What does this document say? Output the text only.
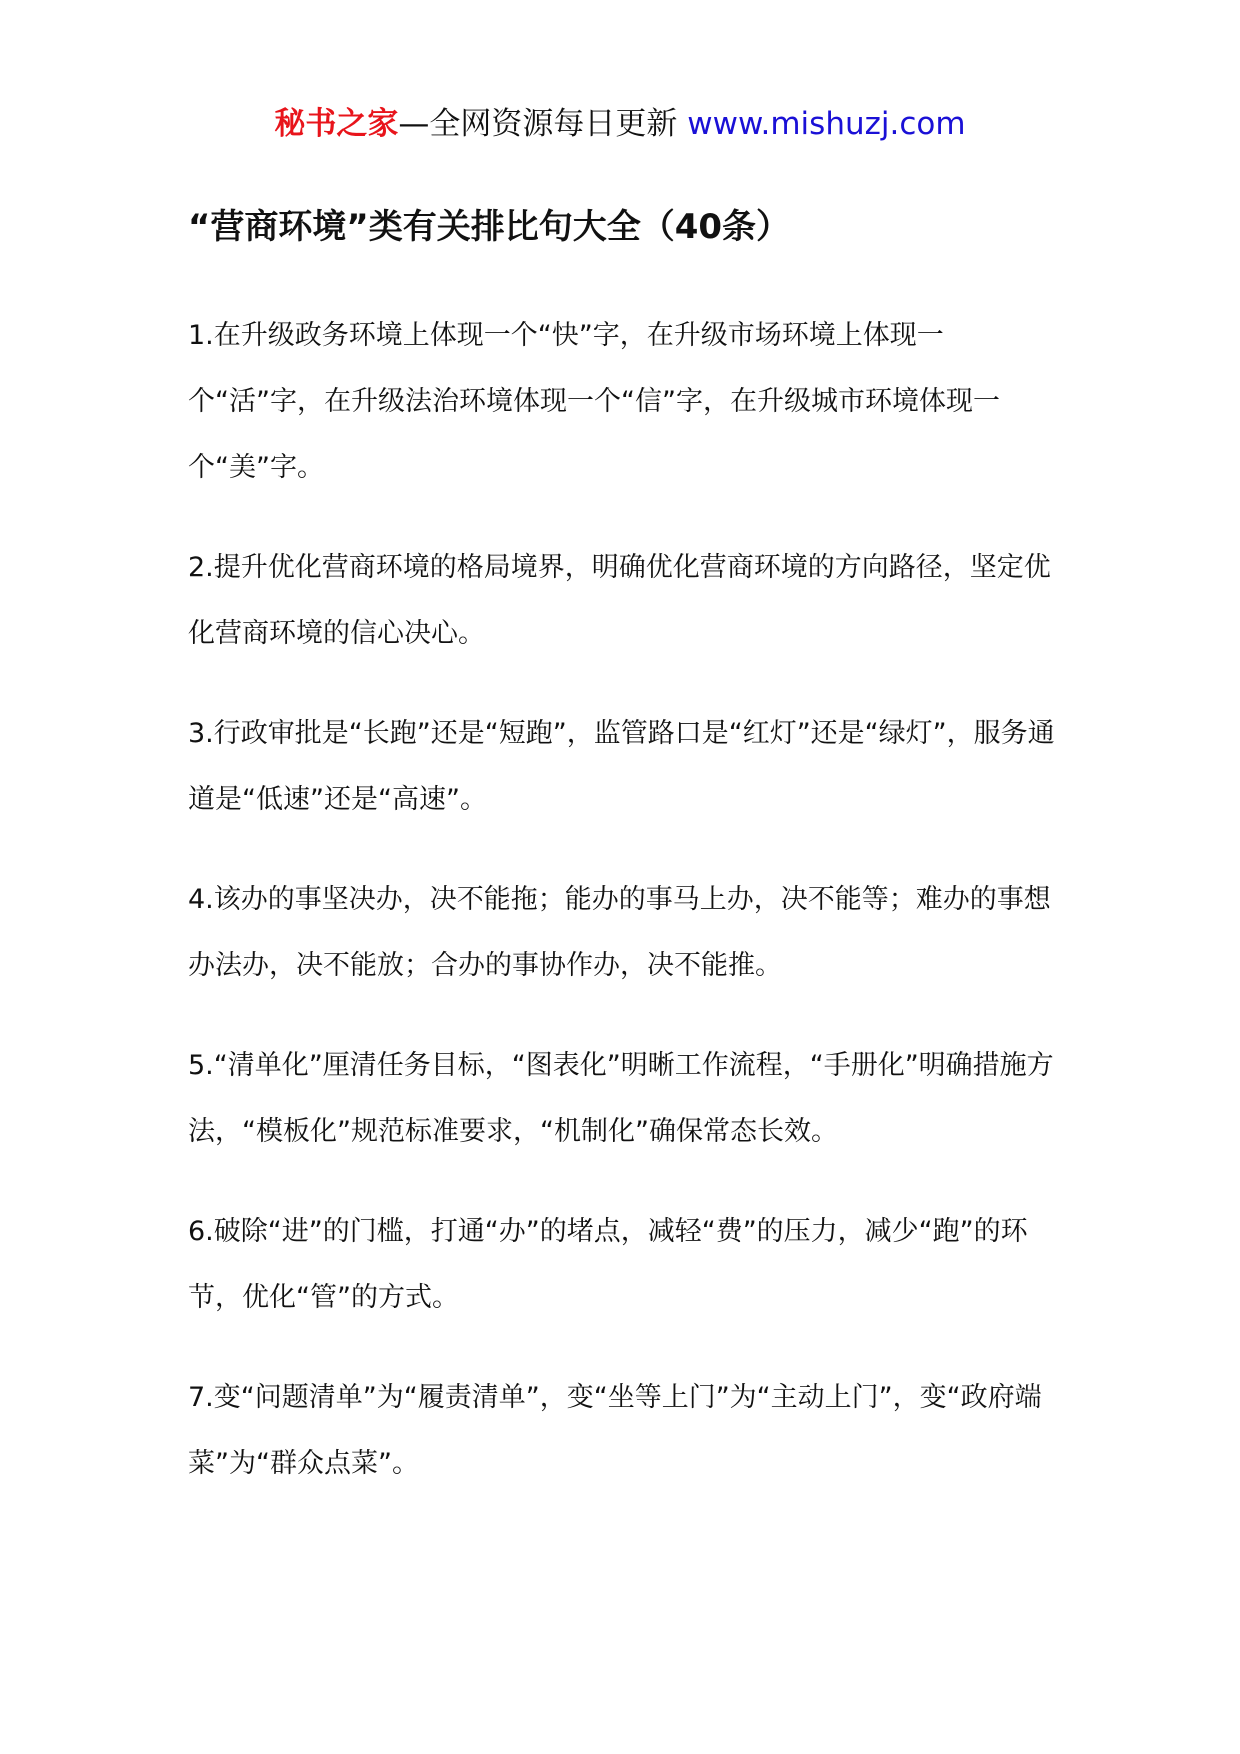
秘书之家—全网资源每日更新 www.mishuzj.com
“营商环境”类有关排比句大全（40条）

1.在升级政务环境上体现一个“快”字，在升级市场环境上体现一个“活”字，在升级法治环境体现一个“信”字，在升级城市环境体现一个“美”字。

2.提升优化营商环境的格局境界，明确优化营商环境的方向路径，坚定优化营商环境的信心决心。

3.行政审批是“长跑”还是“短跑”，监管路口是“红灯”还是“绿灯”，服务通道是“低速”还是“高速”。

4.该办的事坚决办，决不能拖；能办的事马上办，决不能等；难办的事想办法办，决不能放；合办的事协作办，决不能推。

5.“清单化”厘清任务目标，“图表化”明晰工作流程，“手册化”明确措施方法，“模板化”规范标准要求，“机制化”确保常态长效。

6.破除“进”的门槛，打通“办”的堵点，减轻“费”的压力，减少“跑”的环节，优化“管”的方式。

7.变“问题清单”为“履责清单”，变“坐等上门”为“主动上门”，变“政府端菜”为“群众点菜”。
